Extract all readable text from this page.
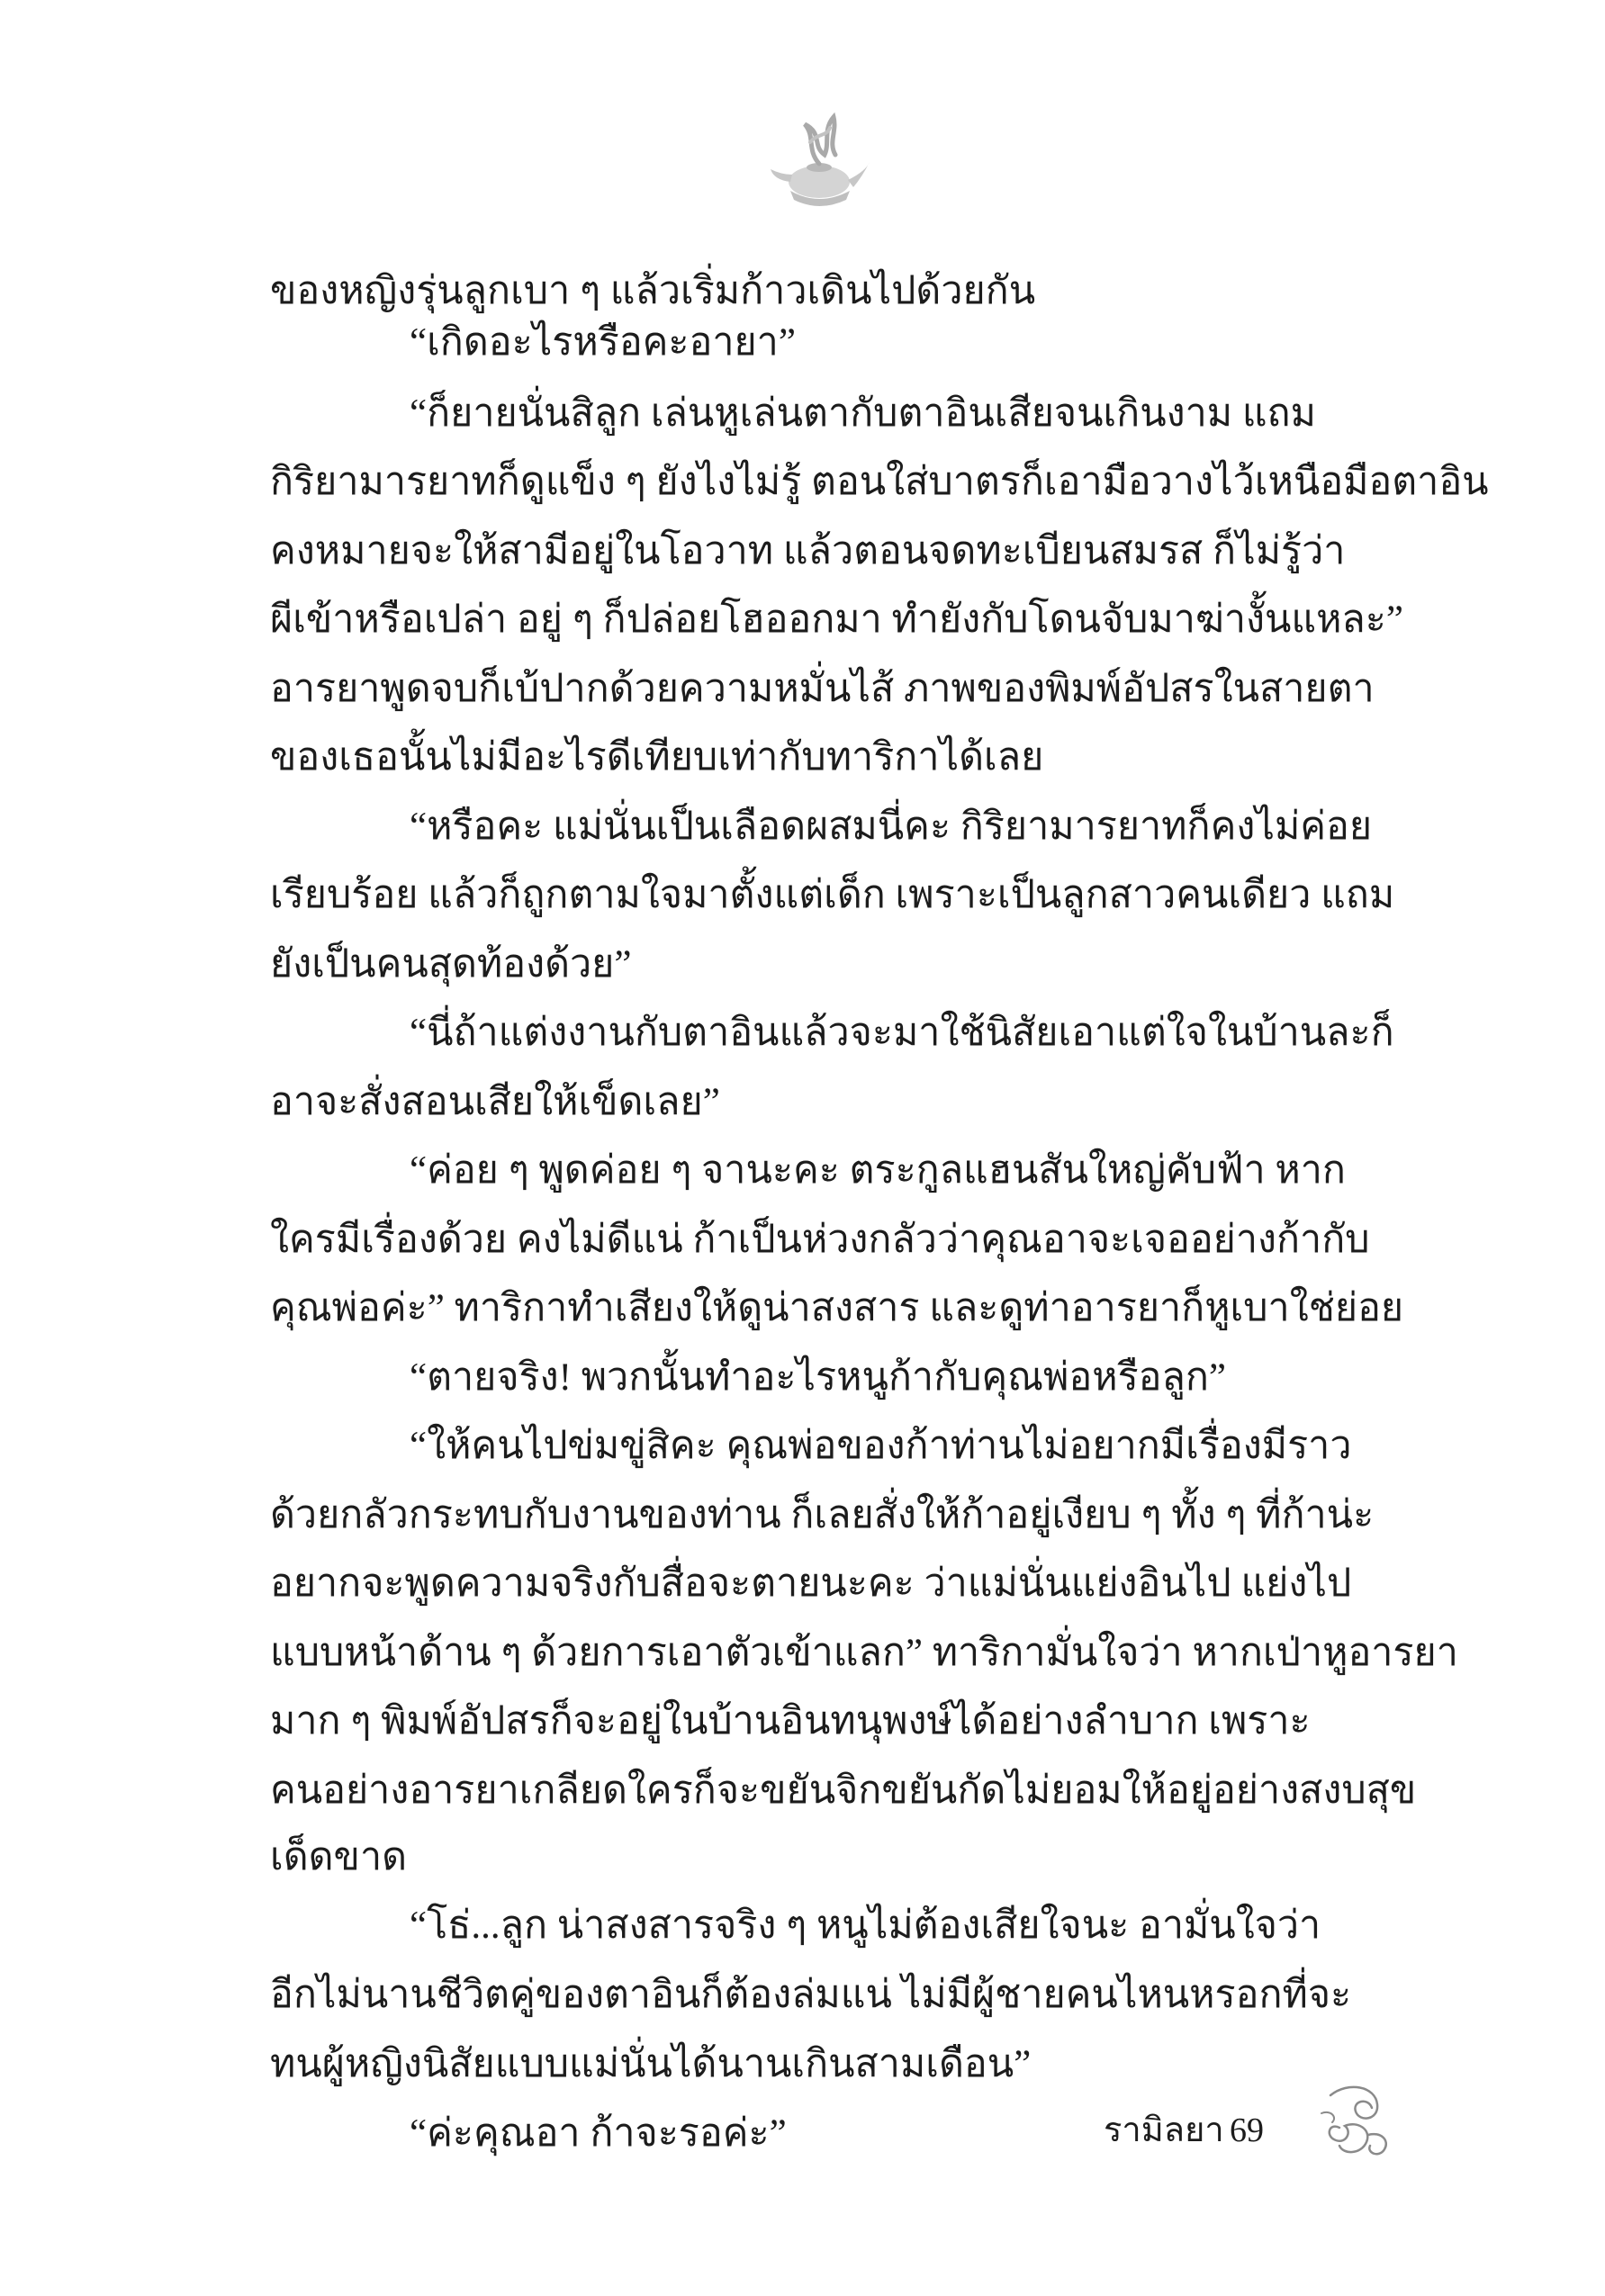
ของหญิงรุ่นลูกเบา ๆ แล้วเริ่มก้าวเดินไปด้วยกัน
“เกิดอะไรหรือคะอายา”
“ก็ยายนั่นสิลูก เล่นหูเล่นตากับตาอินเสียจนเกินงาม แถม
กิริยามารยาทก็ดูแข็ง ๆ ยังไงไม่รู้ ตอนใส่บาตรก็เอามือวางไว้เหนือมือตาอิน
คงหมายจะให้สามีอยู่ในโอวาท แล้วตอนจดทะเบียนสมรส ก็ไม่รู้ว่า
ผีเข้าหรือเปล่า อยู่ ๆ ก็ปล่อยโฮออกมา ทำยังกับโดนจับมาฆ่างั้นแหละ”
อารยาพูดจบก็เบ้ปากด้วยความหมั่นไส้ ภาพของพิมพ์อัปสรในสายตา
ของเธอนั้นไม่มีอะไรดีเทียบเท่ากับทาริกาได้เลย
“หรือคะ แม่นั่นเป็นเลือดผสมนี่คะ กิริยามารยาทก็คงไม่ค่อย
เรียบร้อย แล้วก็ถูกตามใจมาตั้งแต่เด็ก เพราะเป็นลูกสาวคนเดียว แถม
ยังเป็นคนสุดท้องด้วย”
“นี่ถ้าแต่งงานกับตาอินแล้วจะมาใช้นิสัยเอาแต่ใจในบ้านละก็
อาจะสั่งสอนเสียให้เข็ดเลย”
“ค่อย ๆ พูดค่อย ๆ จานะคะ ตระกูลแฮนสันใหญ่คับฟ้า หาก
ใครมีเรื่องด้วย คงไม่ดีแน่ ก้าเป็นห่วงกลัวว่าคุณอาจะเจออย่างก้ากับ
คุณพ่อค่ะ” ทาริกาทำเสียงให้ดูน่าสงสาร และดูท่าอารยาก็หูเบาใช่ย่อย
“ตายจริง! พวกนั้นทำอะไรหนูก้ากับคุณพ่อหรือลูก”
“ให้คนไปข่มขู่สิคะ คุณพ่อของก้าท่านไม่อยากมีเรื่องมีราว
ด้วยกลัวกระทบกับงานของท่าน ก็เลยสั่งให้ก้าอยู่เงียบ ๆ ทั้ง ๆ ที่ก้าน่ะ
อยากจะพูดความจริงกับสื่อจะตายนะคะ ว่าแม่นั่นแย่งอินไป แย่งไป
แบบหน้าด้าน ๆ ด้วยการเอาตัวเข้าแลก” ทาริกามั่นใจว่า หากเป่าหูอารยา
มาก ๆ พิมพ์อัปสรก็จะอยู่ในบ้านอินทนุพงษ์ได้อย่างลำบาก เพราะ
คนอย่างอารยาเกลียดใครก็จะขยันจิกขยันกัดไม่ยอมให้อยู่อย่างสงบสุข
เด็ดขาด
“โธ่...ลูก น่าสงสารจริง ๆ หนูไม่ต้องเสียใจนะ อามั่นใจว่า
อีกไม่นานชีวิตคู่ของตาอินก็ต้องล่มแน่ ไม่มีผู้ชายคนไหนหรอกที่จะ
ทนผู้หญิงนิสัยแบบแม่นั่นได้นานเกินสามเดือน”
“ค่ะคุณอา ก้าจะรอค่ะ”	รามิลยา 69
